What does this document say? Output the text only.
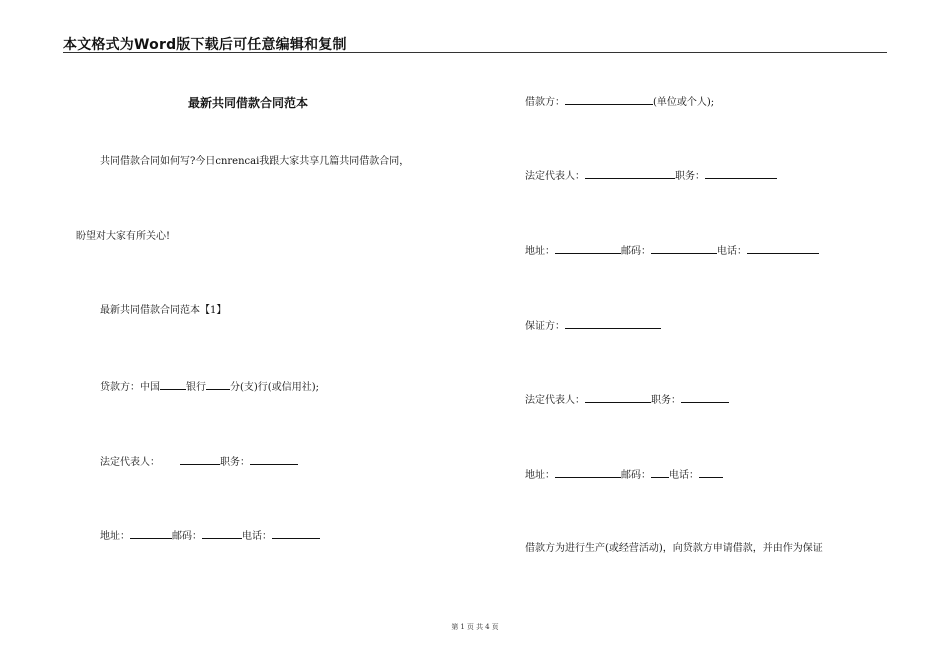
本文格式为Word版下载后可任意编辑和复制
最新共同借款合同范本
共同借款合同如何写?今日cnrencai我跟大家共享几篇共同借款合同，
盼望对大家有所关心!
最新共同借款合同范本【1】
贷款方：中国	银行 分(支)行(或信用社);
法定代表人：	职务：
地址：	邮码：	电话：
借款方：	(单位或个人);
法定代表人：	职务：
地址：	邮码：	电话：
保证方：
法定代表人：	职务：
地址：	邮码： 电话：
借款方为进行生产(或经营活动)，向贷款方申请借款，并由作为保证
第 1 页 共 4 页
